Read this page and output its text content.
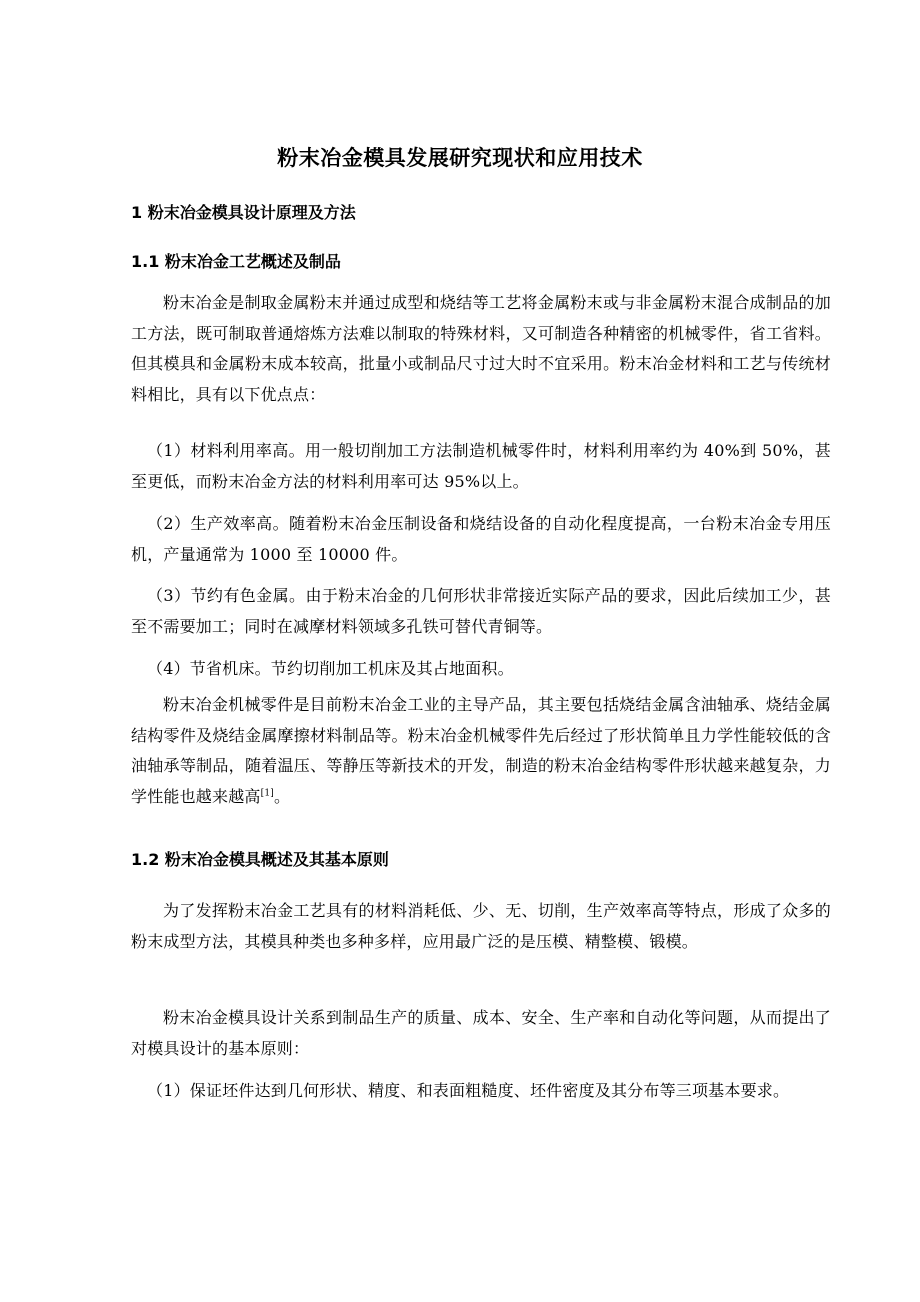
粉末冶金模具发展研究现状和应用技术
1 粉末冶金模具设计原理及方法
1.1 粉末冶金工艺概述及制品
粉末冶金是制取金属粉末并通过成型和烧结等工艺将金属粉末或与非金属粉末混合成制品的加工方法，既可制取普通熔炼方法难以制取的特殊材料，又可制造各种精密的机械零件，省工省料。但其模具和金属粉末成本较高，批量小或制品尺寸过大时不宜采用。粉末冶金材料和工艺与传统材料相比，具有以下优点点：
（1）材料利用率高。用一般切削加工方法制造机械零件时，材料利用率约为 40%到 50%，甚至更低，而粉末冶金方法的材料利用率可达 95%以上。
（2）生产效率高。随着粉末冶金压制设备和烧结设备的自动化程度提高，一台粉末冶金专用压机，产量通常为 1000 至 10000 件。
（3）节约有色金属。由于粉末冶金的几何形状非常接近实际产品的要求，因此后续加工少，甚至不需要加工；同时在减摩材料领域多孔铁可替代青铜等。
（4）节省机床。节约切削加工机床及其占地面积。
粉末冶金机械零件是目前粉末冶金工业的主导产品，其主要包括烧结金属含油轴承、烧结金属结构零件及烧结金属摩擦材料制品等。粉末冶金机械零件先后经过了形状简单且力学性能较低的含油轴承等制品，随着温压、等静压等新技术的开发，制造的粉末冶金结构零件形状越来越复杂，力学性能也越来越高[1]。
1.2 粉末冶金模具概述及其基本原则
为了发挥粉末冶金工艺具有的材料消耗低、少、无、切削，生产效率高等特点，形成了众多的粉末成型方法，其模具种类也多种多样，应用最广泛的是压模、精整模、锻模。
粉末冶金模具设计关系到制品生产的质量、成本、安全、生产率和自动化等问题，从而提出了对模具设计的基本原则：
（1）保证坯件达到几何形状、精度、和表面粗糙度、坯件密度及其分布等三项基本要求。
